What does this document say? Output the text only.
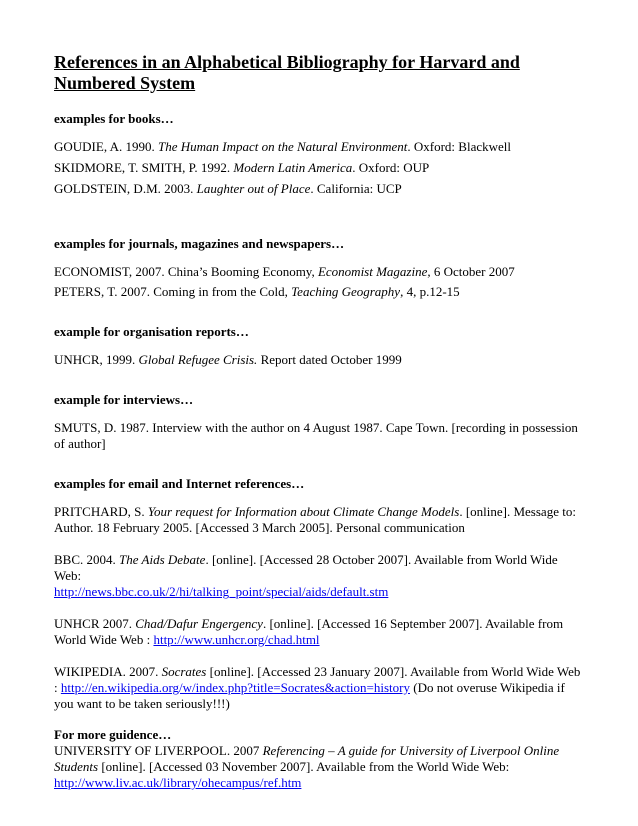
References in an Alphabetical Bibliography for Harvard and Numbered System

examples for books…

GOUDIE, A. 1990. The Human Impact on the Natural Environment. Oxford: Blackwell

SKIDMORE, T. SMITH, P. 1992. Modern Latin America. Oxford: OUP

GOLDSTEIN, D.M. 2003. Laughter out of Place. California: UCP

examples for journals, magazines and newspapers…

ECONOMIST, 2007. China’s Booming Economy, Economist Magazine, 6 October 2007

PETERS, T. 2007. Coming in from the Cold, Teaching Geography, 4, p.12-15

example for organisation reports…

UNHCR, 1999. Global Refugee Crisis. Report dated October 1999

example for interviews…

SMUTS, D. 1987. Interview with the author on 4 August 1987. Cape Town. [recording in possession of author]

examples for email and Internet references…

PRITCHARD, S. Your request for Information about Climate Change Models. [online]. Message to: Author. 18 February 2005. [Accessed 3 March 2005]. Personal communication

BBC. 2004. The Aids Debate. [online]. [Accessed 28 October 2007]. Available from World Wide Web:
http://news.bbc.co.uk/2/hi/talking_point/special/aids/default.stm

UNHCR 2007. Chad/Dafur Engergency. [online]. [Accessed 16 September 2007]. Available from World Wide Web : http://www.unhcr.org/chad.html

WIKIPEDIA. 2007. Socrates [online]. [Accessed 23 January 2007]. Available from World Wide Web : http://en.wikipedia.org/w/index.php?title=Socrates&action=history (Do not overuse Wikipedia if you want to be taken seriously!!!)

For more guidence…

UNIVERSITY OF LIVERPOOL. 2007 Referencing – A guide for University of Liverpool Online Students [online]. [Accessed 03 November 2007]. Available from the World Wide Web:
http://www.liv.ac.uk/library/ohecampus/ref.htm
